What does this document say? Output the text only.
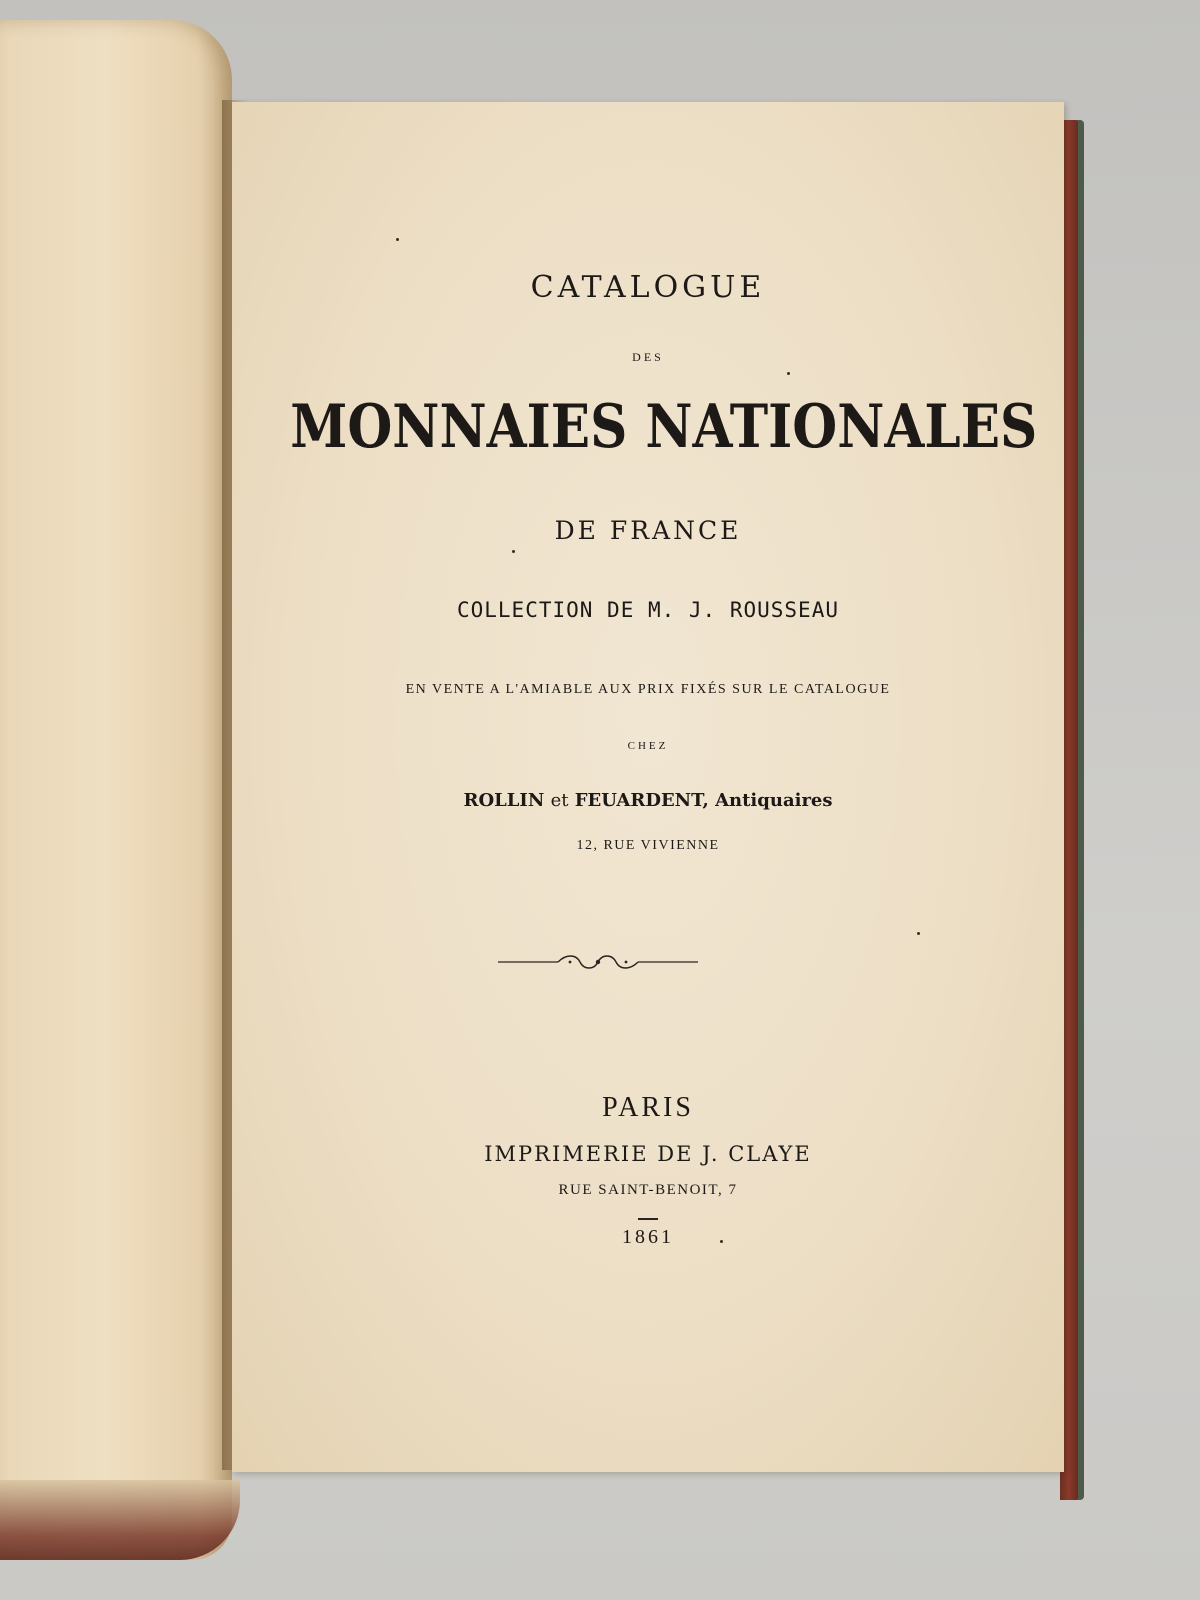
CATALOGUE
DES
MONNAIES NATIONALES
DE FRANCE
COLLECTION DE M. J. ROUSSEAU
EN VENTE A L'AMIABLE AUX PRIX FIXÉS SUR LE CATALOGUE
CHEZ
ROLLIN et FEUARDENT, Antiquaires
12, RUE VIVIENNE
PARIS
IMPRIMERIE DE J. CLAYE
RUE SAINT-BENOIT, 7
1861
